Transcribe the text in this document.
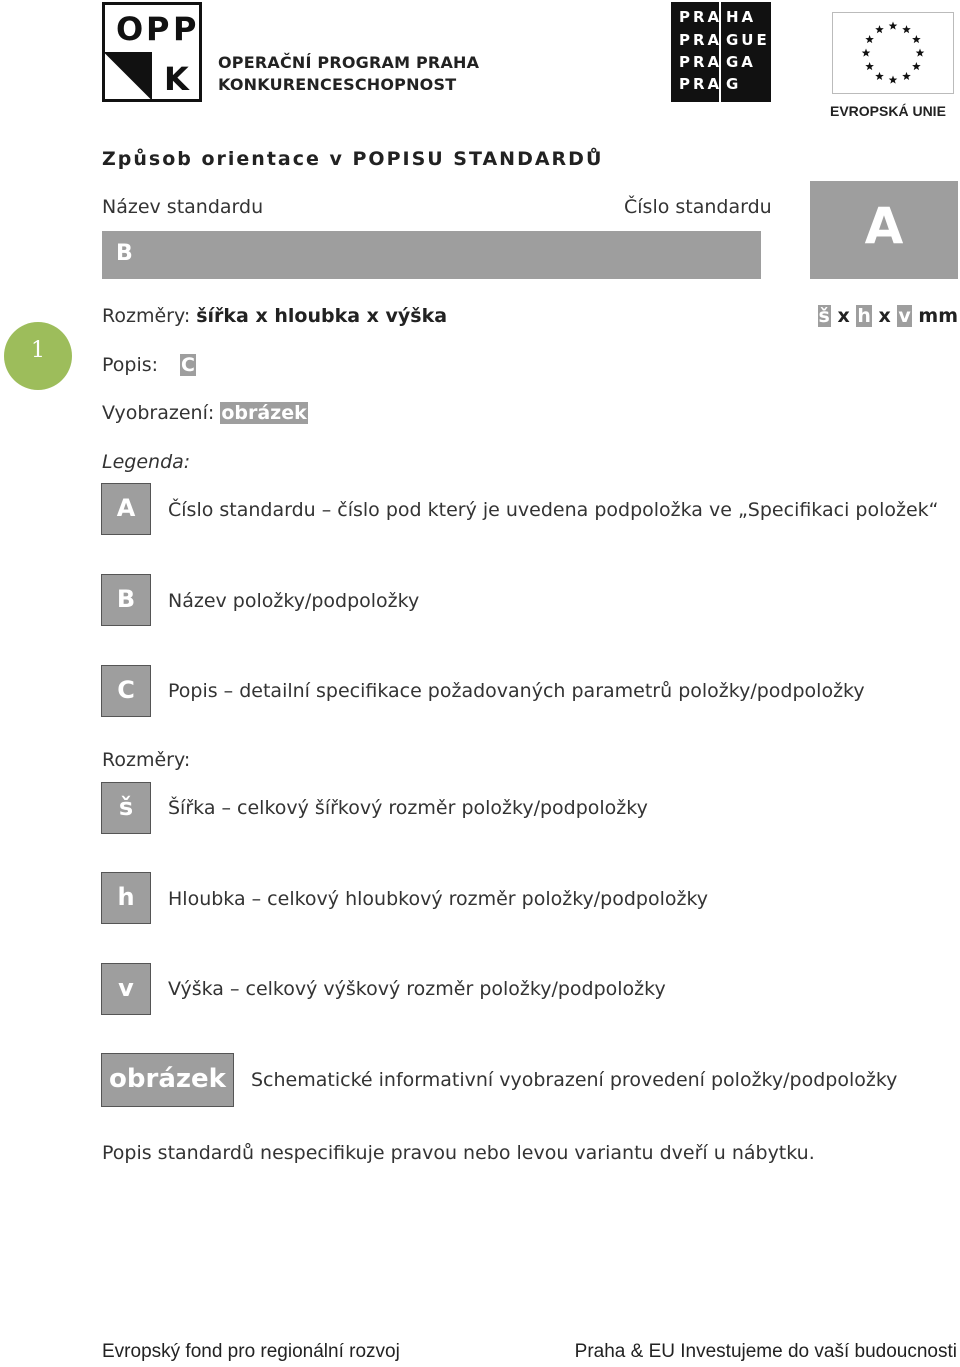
O P P
K OPERAČNÍ PROGRAM PRAHA
KONKURENCESCHOPNOST
PRA
PRA
PRA
PRA
HA
GUE
GA
G
EVROPSKÁ UNIE
Způsob orientace v POPISU STANDARDŮ
Název standardu	Číslo standardu
B	A
1
Rozměry: šířka x hloubka x výška	š x h x v mm
Popis: C
Vyobrazení: obrázek
Legenda:
A	Číslo standardu – číslo pod který je uvedena podpoložka ve „Specifikaci položek“
B	Název položky/podpoložky
C	Popis – detailní specifikace požadovaných parametrů položky/podpoložky
Rozměry:
š	Šířka – celkový šířkový rozměr položky/podpoložky
h	Hloubka – celkový hloubkový rozměr položky/podpoložky
v	Výška – celkový výškový rozměr položky/podpoložky
obrázek	Schematické informativní vyobrazení provedení položky/podpoložky
Popis standardů nespecifikuje pravou nebo levou variantu dveří u nábytku.
Evropský fond pro regionální rozvoj	Praha & EU Investujeme do vaší budoucnosti
